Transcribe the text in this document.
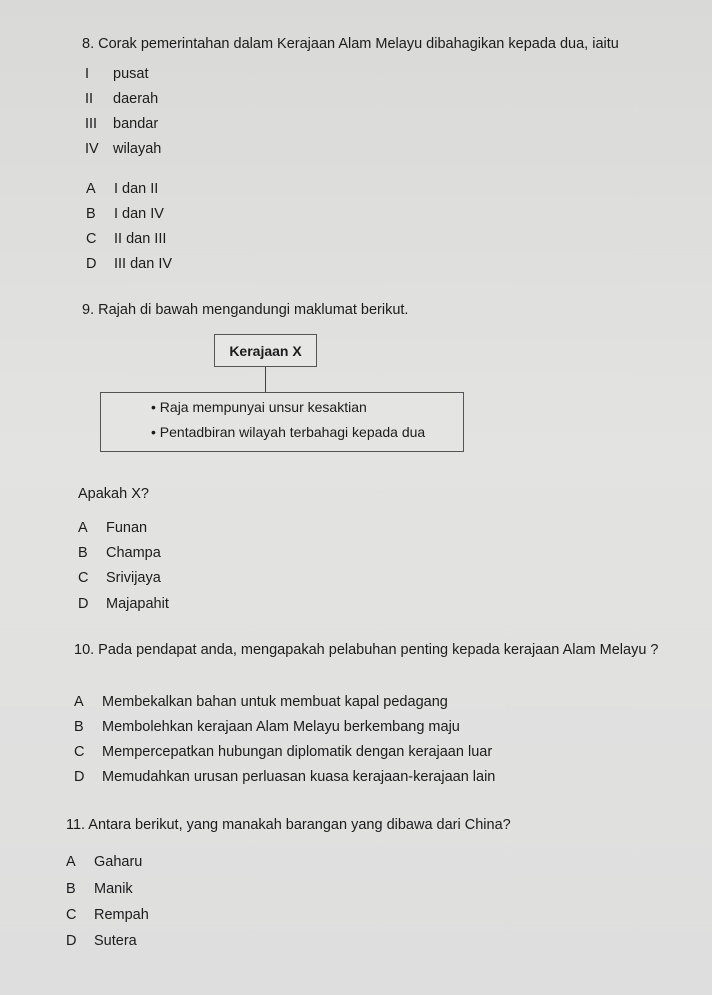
8. Corak pemerintahan dalam Kerajaan Alam Melayu dibahagikan kepada dua, iaitu
I pusat
II daerah
III bandar
IV wilayah
A I dan II
B I dan IV
C II dan III
D III dan IV
9. Rajah di bawah mengandungi maklumat berikut.
Kerajaan X
• Raja mempunyai unsur kesaktian
• Pentadbiran wilayah terbahagi kepada dua
Apakah X?
A Funan
B Champa
C Srivijaya
D Majapahit
10. Pada pendapat anda, mengapakah pelabuhan penting kepada kerajaan Alam Melayu ?
A Membekalkan bahan untuk membuat kapal pedagang
B Membolehkan kerajaan Alam Melayu berkembang maju
C Mempercepatkan hubungan diplomatik dengan kerajaan luar
D Memudahkan urusan perluasan kuasa kerajaan-kerajaan lain
11. Antara berikut, yang manakah barangan yang dibawa dari China?
A Gaharu
B Manik
C Rempah
D Sutera
